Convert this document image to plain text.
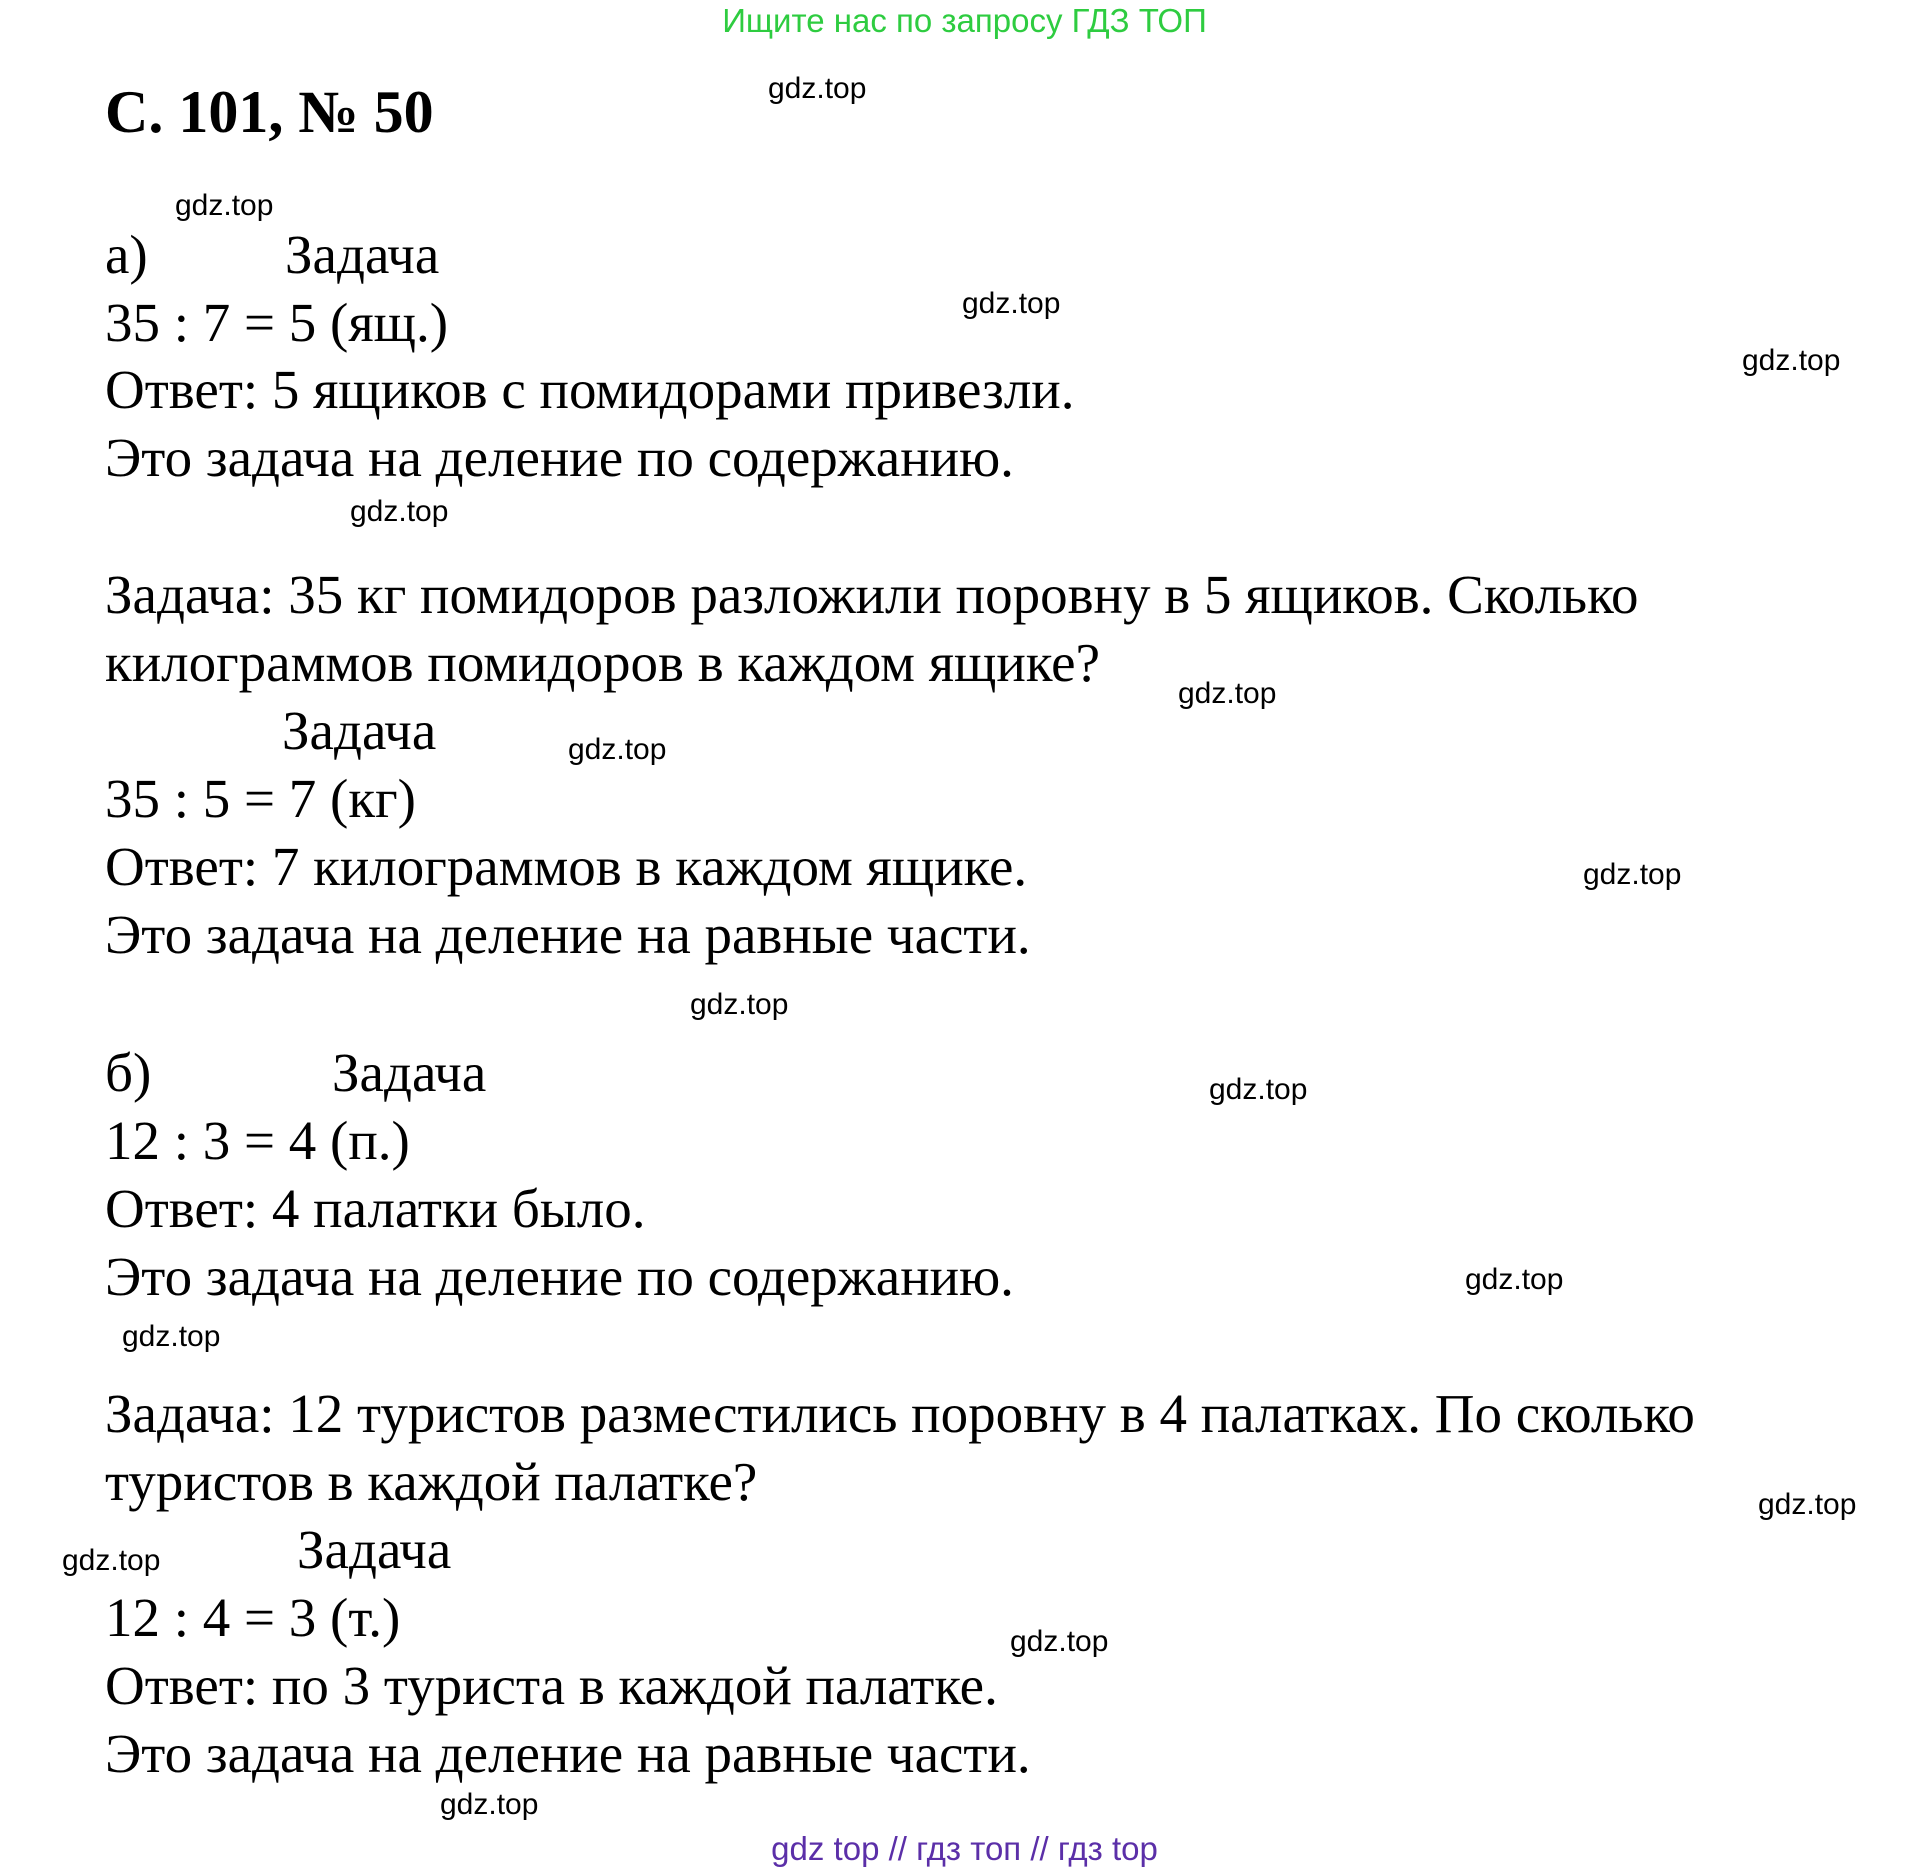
Ищите нас по запросу ГДЗ ТОП
С. 101, № 50
а) Задача
35 : 7 = 5 (ящ.)
Ответ: 5 ящиков с помидорами привезли.
Это задача на деление по содержанию.
Задача: 35 кг помидоров разложили поровну в 5 ящиков. Сколько
килограммов помидоров в каждом ящике?
Задача
35 : 5 = 7 (кг)
Ответ: 7 килограммов в каждом ящике.
Это задача на деление на равные части.
б)	Задача
12 : 3 = 4 (п.)
Ответ: 4 палатки было.
Это задача на деление по содержанию.
Задача: 12 туристов разместились поровну в 4 палатках. По сколько
туристов в каждой палатке?
Задача
12 : 4 = 3 (т.)
Ответ: по 3 туриста в каждой палатке.
Это задача на деление на равные части.
gdz.top
gdz.top
gdz.top
gdz.top
gdz.top
gdz.top
gdz.top
gdz.top
gdz.top
gdz.top
gdz.top
gdz.top
gdz.top
gdz.top
gdz.top
gdz.top
gdz top // гдз топ // гдз top
